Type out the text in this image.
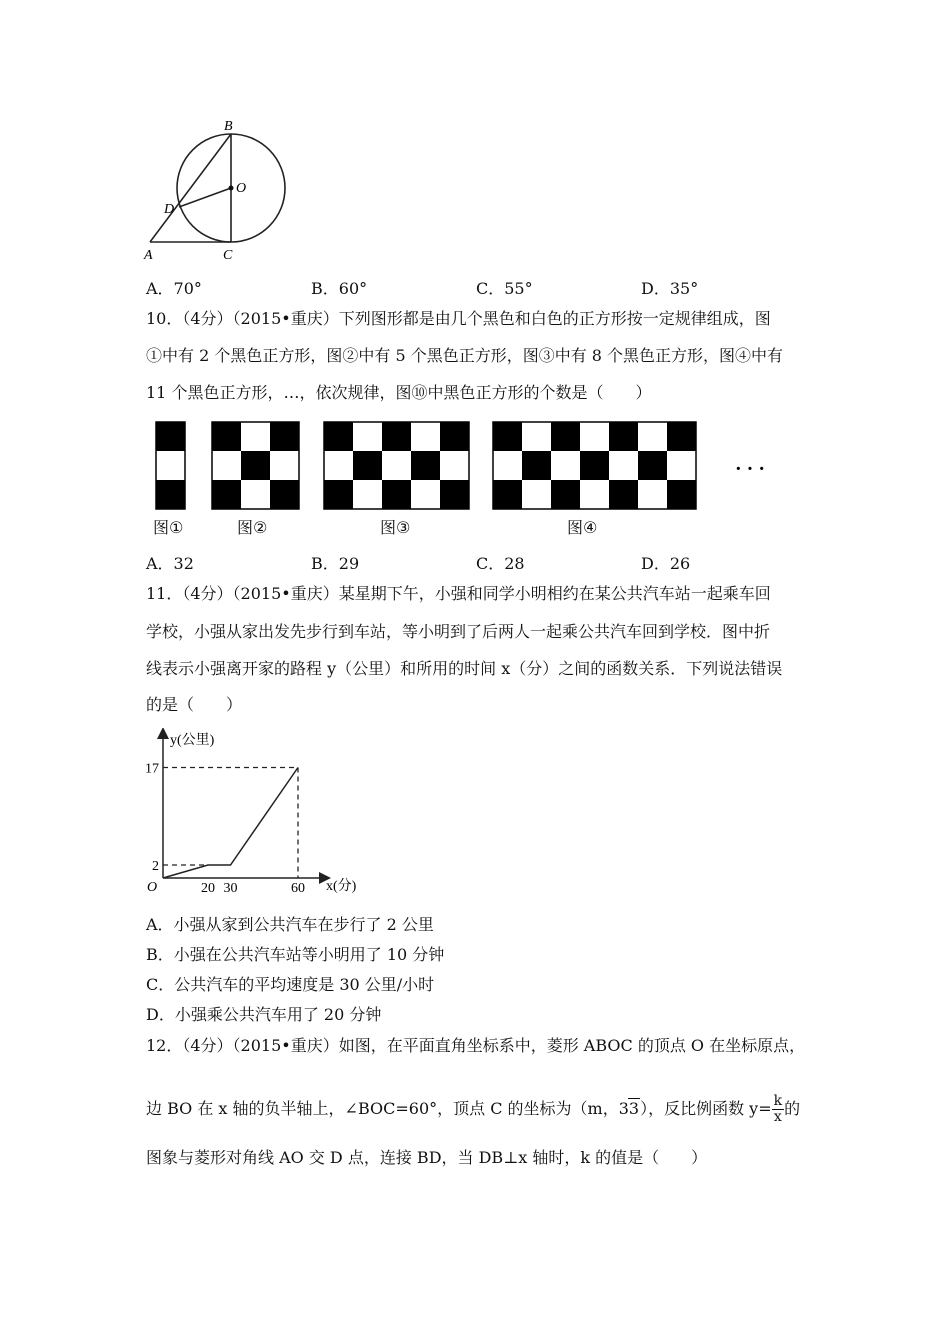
B
O
D
A	C
A．70°	B．60°	C．55°	D．35°
10．（4分）（2015•重庆）下列图形都是由几个黑色和白色的正方形按一定规律组成，图
①中有 2 个黑色正方形，图②中有 5 个黑色正方形，图③中有 8 个黑色正方形，图④中有
11 个黑色正方形，…，依次规律，图⑩中黑色正方形的个数是（　　）
· · ·
图①	图②	图③	图④
A．32	B．29	C．28	D．26
11．（4分）（2015•重庆）某星期下午，小强和同学小明相约在某公共汽车站一起乘车回
学校，小强从家出发先步行到车站，等小明到了后两人一起乘公共汽车回到学校．图中折
线表示小强离开家的路程 y（公里）和所用的时间 x（分）之间的函数关系．下列说法错误
的是（　　）
y(公里)
x(分)
O	20 30	60
2
17
A．小强从家到公共汽车在步行了 2 公里
B．小强在公共汽车站等小明用了 10 分钟
C．公共汽车的平均速度是 30 公里/小时
D．小强乘公共汽车用了 20 分钟
12．（4分）（2015•重庆）如图，在平面直角坐标系中，菱形 ABOC 的顶点 O 在坐标原点，
边 BO 在 x 轴的负半轴上，∠BOC=60°，顶点 C 的坐标为（m，33），反比例函数 $y= \frac{k}{x}$ 的
图象与菱形对角线 AO 交 D 点，连接 BD，当 DB⊥x 轴时，k 的值是（　　）
